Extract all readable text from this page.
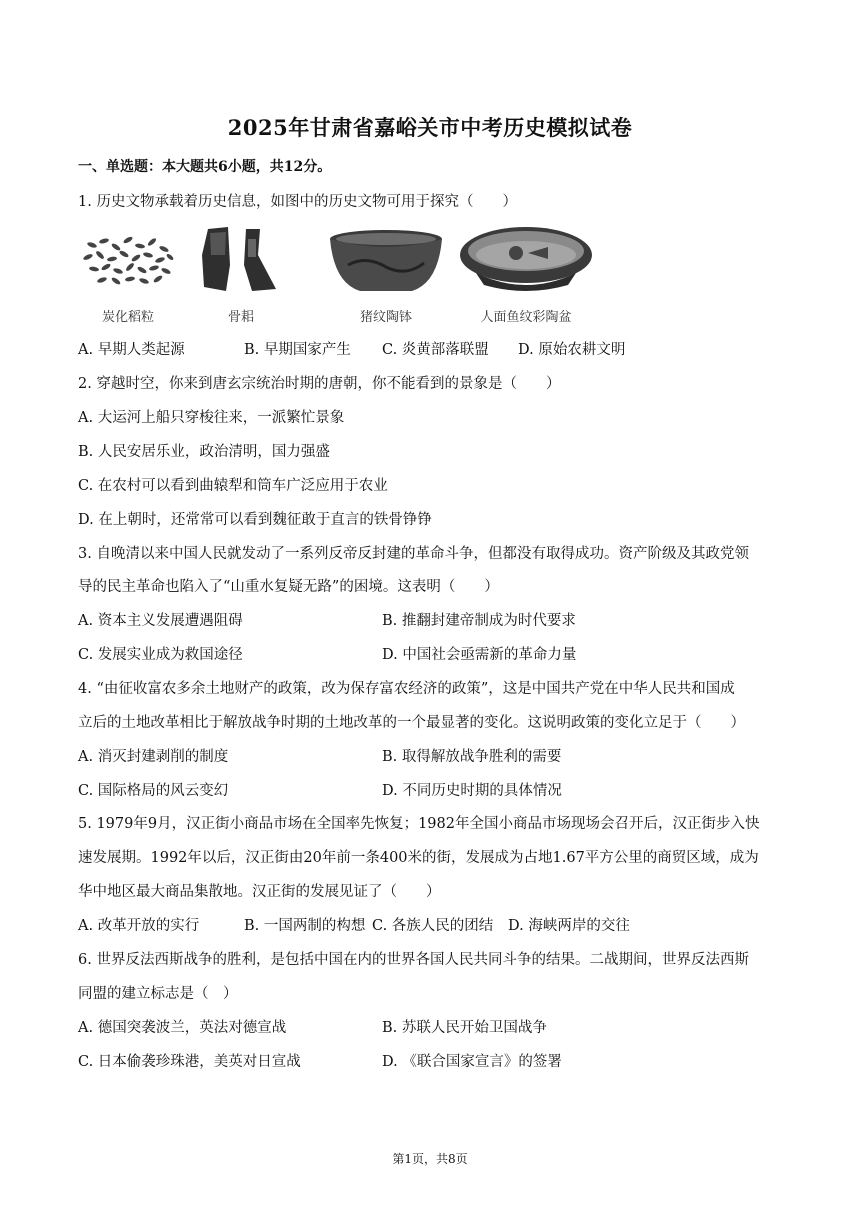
2025年甘肃省嘉峪关市中考历史模拟试卷
一、单选题：本大题共6小题，共12分。
1. 历史文物承载着历史信息，如图中的历史文物可用于探究（　　）
炭化稻粒	骨耜	猪纹陶钵	人面鱼纹彩陶盆
A. 早期人类起源	B. 早期国家产生 C. 炎黄部落联盟 D. 原始农耕文明
2. 穿越时空，你来到唐玄宗统治时期的唐朝，你不能看到的景象是（　　）
A. 大运河上船只穿梭往来，一派繁忙景象
B. 人民安居乐业，政治清明，国力强盛
C. 在农村可以看到曲辕犁和筒车广泛应用于农业
D. 在上朝时，还常常可以看到魏征敢于直言的铁骨铮铮
3. 自晚清以来中国人民就发动了一系列反帝反封建的革命斗争，但都没有取得成功。资产阶级及其政党领
导的民主革命也陷入了“山重水复疑无路”的困境。这表明（　　）
A. 资本主义发展遭遇阻碍	B. 推翻封建帝制成为时代要求
C. 发展实业成为救国途径	D. 中国社会亟需新的革命力量
4. “由征收富农多余土地财产的政策，改为保存富农经济的政策”，这是中国共产党在中华人民共和国成
立后的土地改革相比于解放战争时期的土地改革的一个最显著的变化。这说明政策的变化立足于（　　）
A. 消灭封建剥削的制度	B. 取得解放战争胜利的需要
C. 国际格局的风云变幻	D. 不同历史时期的具体情况
5. 1979年9月，汉正街小商品市场在全国率先恢复；1982年全国小商品市场现场会召开后，汉正街步入快
速发展期。1992年以后，汉正街由20年前一条400米的街，发展成为占地1.67平方公里的商贸区域，成为
华中地区最大商品集散地。汉正街的发展见证了（　　）
A. 改革开放的实行	B. 一国两制的构想 C. 各族人民的团结 D. 海峡两岸的交往
6. 世界反法西斯战争的胜利，是包括中国在内的世界各国人民共同斗争的结果。二战期间，世界反法西斯
同盟的建立标志是（　）
A. 德国突袭波兰，英法对德宣战	B. 苏联人民开始卫国战争
C. 日本偷袭珍珠港，美英对日宣战	D. 《联合国家宣言》的签署
第1页，共8页
